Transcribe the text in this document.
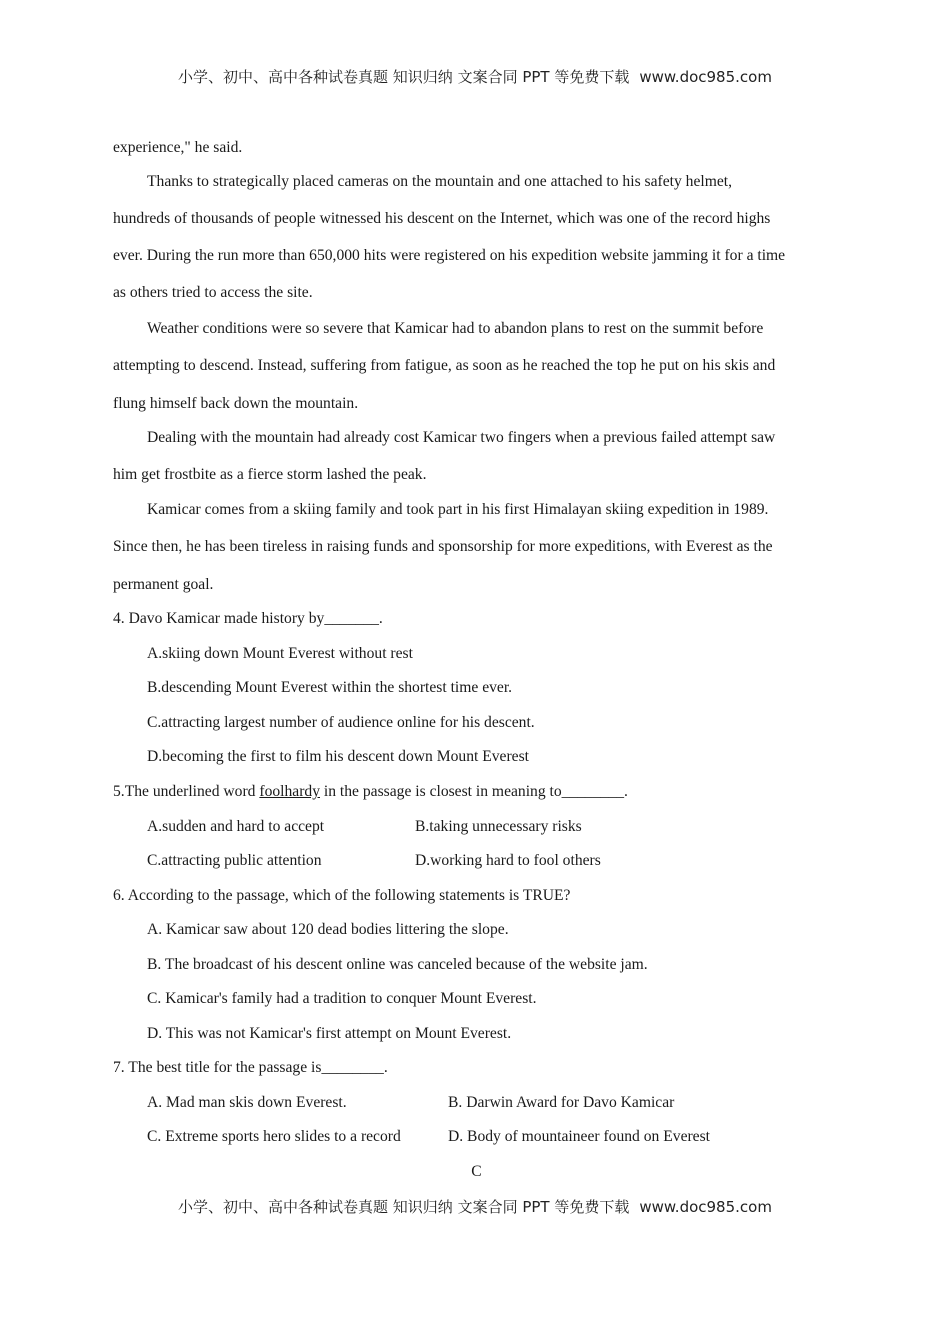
小学、初中、高中各种试卷真题 知识归纳 文案合同 PPT 等免费下载 www.doc985.com
experience," he said.
Thanks to strategically placed cameras on the mountain and one attached to his safety helmet,
hundreds of thousands of people witnessed his descent on the Internet, which was one of the record highs
ever. During the run more than 650,000 hits were registered on his expedition website jamming it for a time
as others tried to access the site.
Weather conditions were so severe that Kamicar had to abandon plans to rest on the summit before
attempting to descend. Instead, suffering from fatigue, as soon as he reached the top he put on his skis and
flung himself back down the mountain.
Dealing with the mountain had already cost Kamicar two fingers when a previous failed attempt saw
him get frostbite as a fierce storm lashed the peak.
Kamicar comes from a skiing family and took part in his first Himalayan skiing expedition in 1989.
Since then, he has been tireless in raising funds and sponsorship for more expeditions, with Everest as the
permanent goal.
4. Davo Kamicar made history by_______.
A.skiing down Mount Everest without rest
B.descending Mount Everest within the shortest time ever.
C.attracting largest number of audience online for his descent.
D.becoming the first to film his descent down Mount Everest
5.The underlined word foolhardy in the passage is closest in meaning to________.
A.sudden and hard to accept	B.taking unnecessary risks
C.attracting public attention	D.working hard to fool others
6. According to the passage, which of the following statements is TRUE?
A. Kamicar saw about 120 dead bodies littering the slope.
B. The broadcast of his descent online was canceled because of the website jam.
C. Kamicar's family had a tradition to conquer Mount Everest.
D. This was not Kamicar's first attempt on Mount Everest.
7. The best title for the passage is________.
A. Mad man skis down Everest.	B. Darwin Award for Davo Kamicar
C. Extreme sports hero slides to a record	D. Body of mountaineer found on Everest
C
小学、初中、高中各种试卷真题 知识归纳 文案合同 PPT 等免费下载 www.doc985.com
